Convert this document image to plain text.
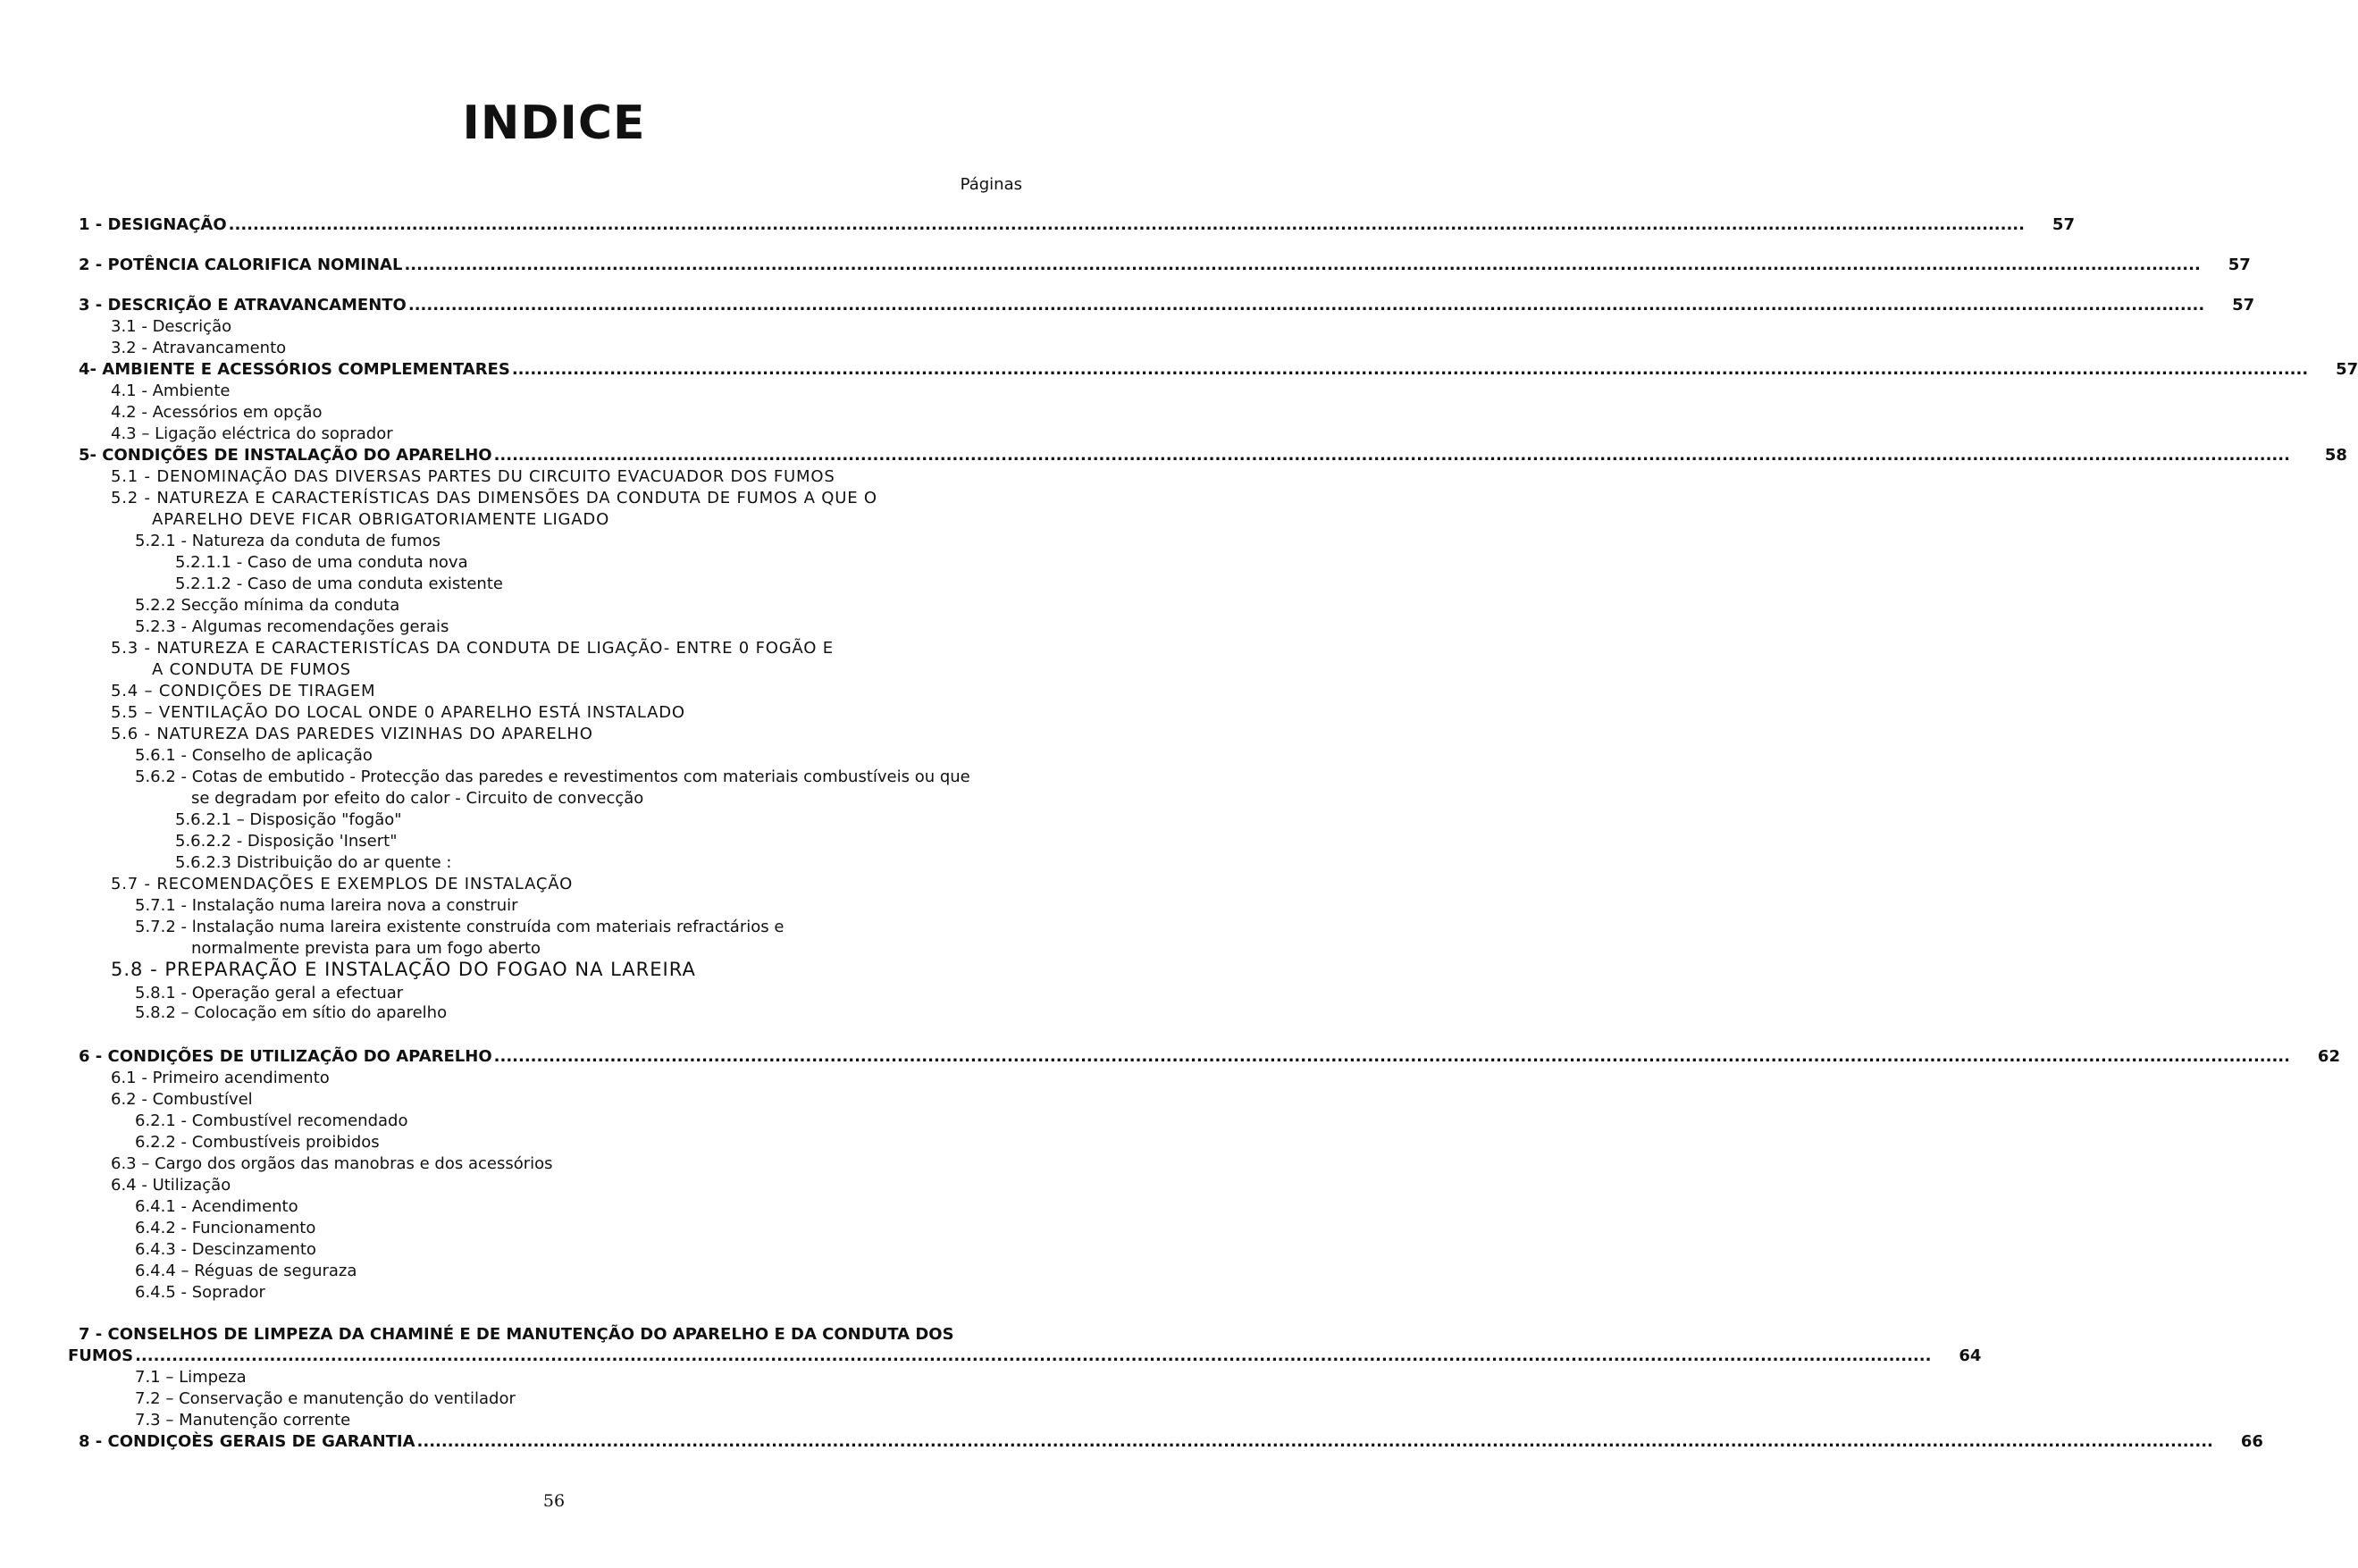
INDICE
Páginas
1 - DESIGNAÇÃO ......................................................................................................................................................................................................................................................................................................	57
2 - POTÊNCIA CALORIFICA NOMINAL ......................................................................................................................................................................................................................................................................................................	57
3 - DESCRIÇÃO E ATRAVANCAMENTO ......................................................................................................................................................................................................................................................................................................	57
3.1 - Descrição
3.2 - Atravancamento
4- AMBIENTE E ACESSÓRIOS COMPLEMENTARES ......................................................................................................................................................................................................................................................................................................	57
4.1 - Ambiente
4.2 - Acessórios em opção
4.3 – Ligação eléctrica do soprador
5- CONDIÇÕES DE INSTALAÇÃO DO APARELHO ......................................................................................................................................................................................................................................................................................................	58
5.1 - DENOMINAÇÃO DAS DIVERSAS PARTES DU CIRCUITO EVACUADOR DOS FUMOS
5.2 - NATUREZA E CARACTERÍSTICAS DAS DIMENSÕES DA CONDUTA DE FUMOS A QUE O
APARELHO DEVE FICAR OBRIGATORIAMENTE LIGADO
5.2.1 - Natureza da conduta de fumos
5.2.1.1 - Caso de uma conduta nova
5.2.1.2 - Caso de uma conduta existente
5.2.2 Secção mínima da conduta
5.2.3 - Algumas recomendações gerais
5.3 - NATUREZA E CARACTERISTÍCAS DA CONDUTA DE LIGAÇÃO- ENTRE 0 FOGÃO E
A CONDUTA DE FUMOS
5.4 – CONDIÇÕES DE TIRAGEM
5.5 – VENTILAÇÃO DO LOCAL ONDE 0 APARELHO ESTÁ INSTALADO
5.6 - NATUREZA DAS PAREDES VIZINHAS DO APARELHO
5.6.1 - Conselho de aplicação
5.6.2 - Cotas de embutido - Protecção das paredes e revestimentos com materiais combustíveis ou que
se degradam por efeito do calor - Circuito de convecção
5.6.2.1 – Disposição "fogão"
5.6.2.2 - Disposição 'Insert"
5.6.2.3 Distribuição do ar quente :
5.7 - RECOMENDAÇÕES E EXEMPLOS DE INSTALAÇÃO
5.7.1 - Instalação numa lareira nova a construir
5.7.2 - lnstalação numa lareira existente construída com materiais refractários e
normalmente prevista para um fogo aberto
5.8 - PREPARAÇÃO E INSTALAÇÃO DO FOGAO NA LAREIRA
5.8.1 - Operação geral a efectuar
5.8.2 – Colocação em sítio do aparelho
6 - CONDIÇÕES DE UTILIZAÇÃO DO APARELHO ......................................................................................................................................................................................................................................................................................................	62
6.1 - Primeiro acendimento
6.2 - Combustível
6.2.1 - Combustível recomendado
6.2.2 - Combustíveis proibidos
6.3 – Cargo dos orgãos das manobras e dos acessórios
6.4 - Utilização
6.4.1 - Acendimento
6.4.2 - Funcionamento
6.4.3 - Descinzamento
6.4.4 – Réguas de seguraza
6.4.5 - Soprador
7 - CONSELHOS DE LIMPEZA DA CHAMINÉ E DE MANUTENÇÃO DO APARELHO E DA CONDUTA DOS
FUMOS ......................................................................................................................................................................................................................................................................................................	64
7.1 – Limpeza
7.2 – Conservação e manutenção do ventilador
7.3 – Manutenção corrente
8 - CONDIÇOÈS GERAIS DE GARANTIA ......................................................................................................................................................................................................................................................................................................	66
56
